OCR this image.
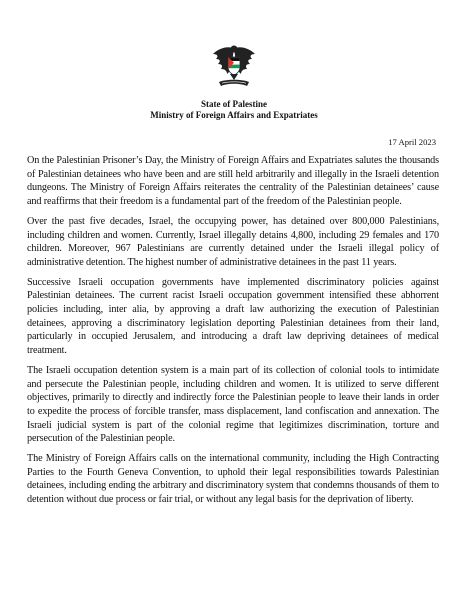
State of Palestine
Ministry of Foreign Affairs and Expatriates
17 April 2023

On the Palestinian Prisoner’s Day, the Ministry of Foreign Affairs and Expatriates salutes the thousands of Palestinian detainees who have been and are still held arbitrarily and illegally in the Israeli detention dungeons. The Ministry of Foreign Affairs reiterates the centrality of the Palestinian detainees’ cause and reaffirms that their freedom is a fundamental part of the freedom of the Palestinian people.

Over the past five decades, Israel, the occupying power, has detained over 800,000 Palestinians, including children and women. Currently, Israel illegally detains 4,800, including 29 females and 170 children. Moreover, 967 Palestinians are currently detained under the Israeli illegal policy of administrative detention. The highest number of administrative detainees in the past 11 years.

Successive Israeli occupation governments have implemented discriminatory policies against Palestinian detainees. The current racist Israeli occupation government intensified these abhorrent policies including, inter alia, by approving a draft law authorizing the execution of Palestinian detainees, approving a discriminatory legislation deporting Palestinian detainees from their land, particularly in occupied Jerusalem, and introducing a draft law depriving detainees of medical treatment.

The Israeli occupation detention system is a main part of its collection of colonial tools to intimidate and persecute the Palestinian people, including children and women. It is utilized to serve different objectives, primarily to directly and indirectly force the Palestinian people to leave their lands in order to expedite the process of forcible transfer, mass displacement, land confiscation and annexation. The Israeli judicial system is part of the colonial regime that legitimizes discrimination, torture and persecution of the Palestinian people.

The Ministry of Foreign Affairs calls on the international community, including the High Contracting Parties to the Fourth Geneva Convention, to uphold their legal responsibilities towards Palestinian detainees, including ending the arbitrary and discriminatory system that condemns thousands of them to detention without due process or fair trial, or without any legal basis for the deprivation of liberty.
